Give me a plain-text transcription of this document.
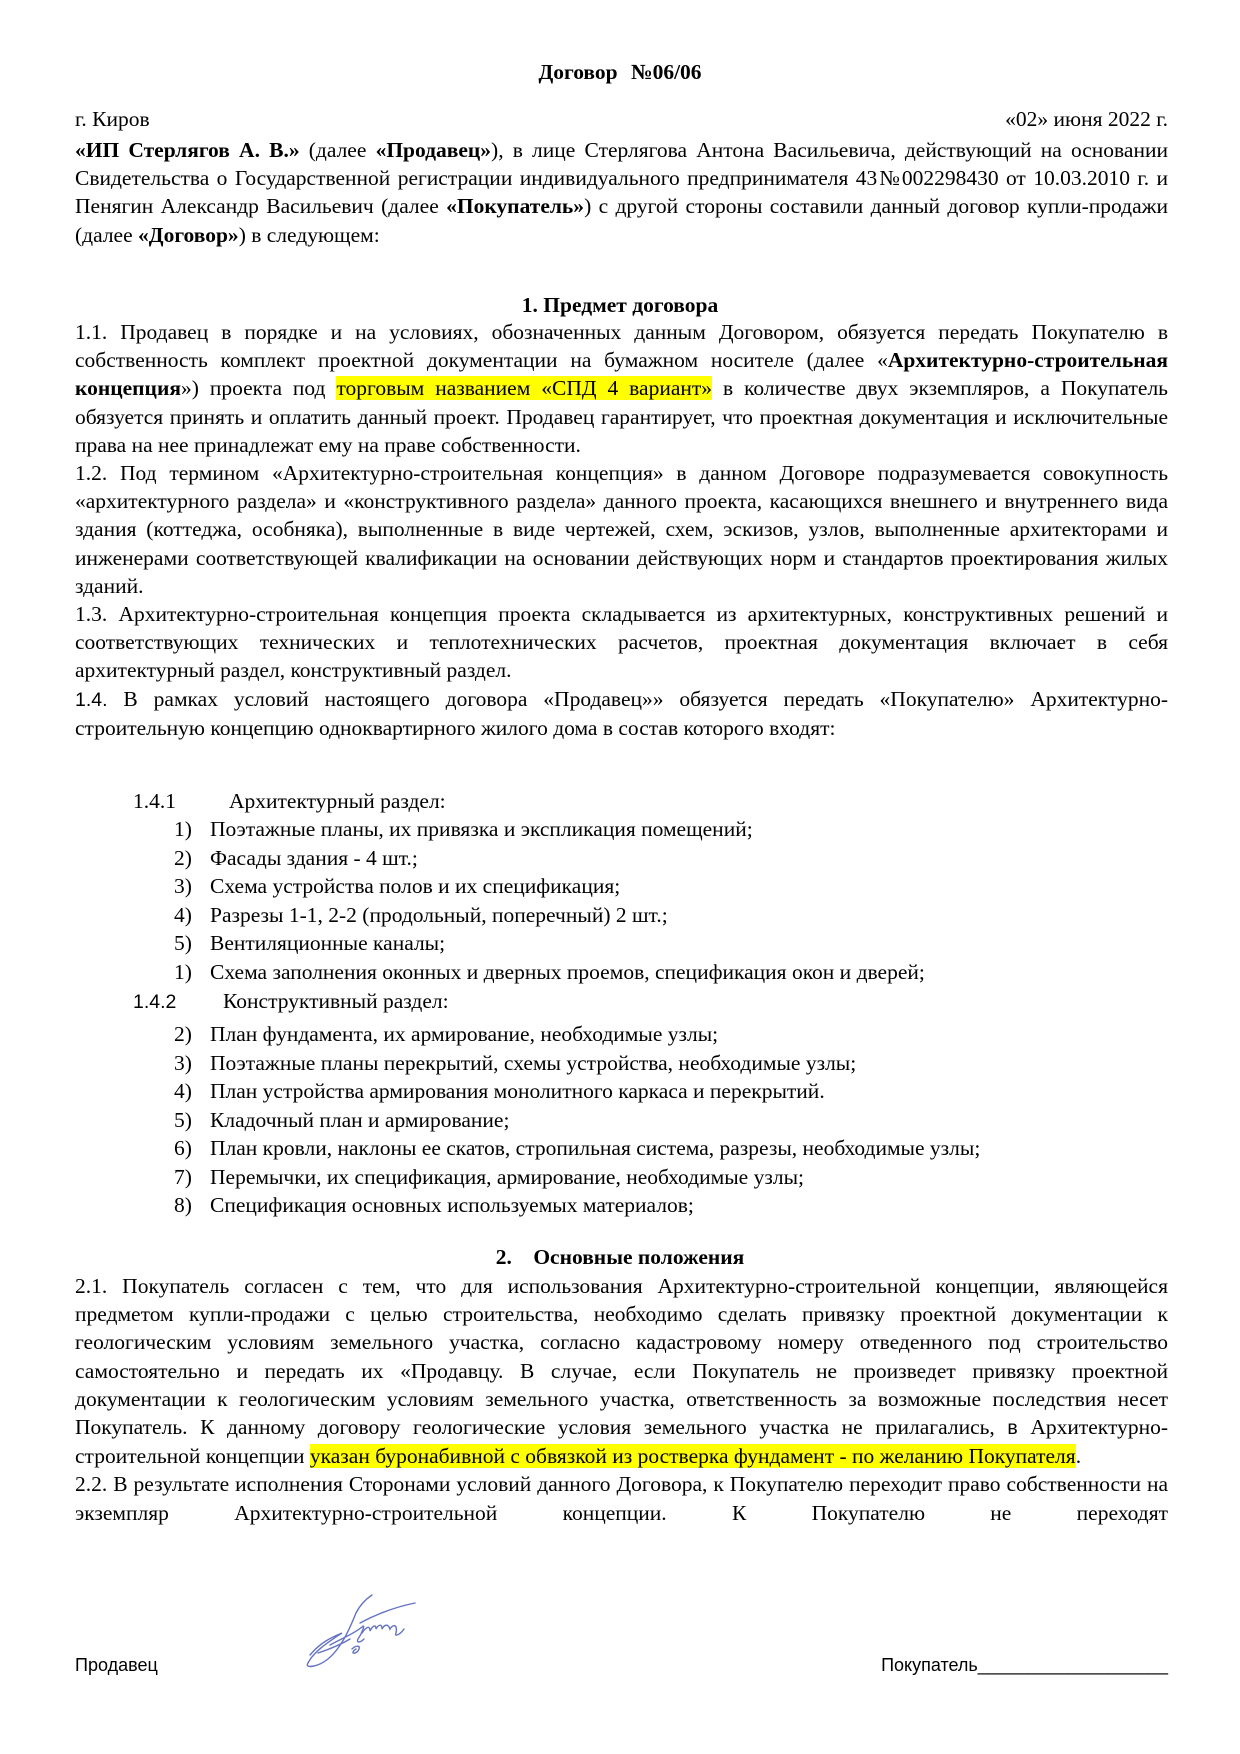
Договор №06/06
г. Киров	«02» июня 2022 г.

«ИП Стерлягов А. В.» (далее «Продавец»), в лице Стерлягова Антона Васильевича, действующий на основании Свидетельства о Государственной регистрации индивидуального предпринимателя 43№002298430 от 10.03.2010 г. и Пенягин Александр Васильевич (далее «Покупатель») с другой стороны составили данный договор купли-продажи (далее «Договор») в следующем:

1. Предмет договора

1.1. Продавец в порядке и на условиях, обозначенных данным Договором, обязуется передать Покупателю в собственность комплект проектной документации на бумажном носителе (далее «Архитектурно-строительная концепция») проекта под торговым названием «СПД 4 вариант» в количестве двух экземпляров, а Покупатель обязуется принять и оплатить данный проект. Продавец гарантирует, что проектная документация и исключительные права на нее принадлежат ему на праве собственности.

1.2. Под термином «Архитектурно-строительная концепция» в данном Договоре подразумевается совокупность «архитектурного раздела» и «конструктивного раздела» данного проекта, касающихся внешнего и внутреннего вида здания (коттеджа, особняка), выполненные в виде чертежей, схем, эскизов, узлов, выполненные архитекторами и инженерами соответствующей квалификации на основании действующих норм и стандартов проектирования жилых зданий.

1.3. Архитектурно-строительная концепция проекта складывается из архитектурных, конструктивных решений и соответствующих технических и теплотехнических расчетов, проектная документация включает в себя архитектурный раздел, конструктивный раздел.

1.4. В рамках условий настоящего договора «Продавец»» обязуется передать «Покупателю» Архитектурно-строительную концепцию одноквартирного жилого дома в состав которого входят:

1.4.1 Архитектурный раздел:
1) Поэтажные планы, их привязка и экспликация помещений;
2) Фасады здания - 4 шт.;
3) Схема устройства полов и их спецификация;
4) Разрезы 1-1, 2-2 (продольный, поперечный) 2 шт.;
5) Вентиляционные каналы;
1) Схема заполнения оконных и дверных проемов, спецификация окон и дверей;
1.4.2 Конструктивный раздел:
2) План фундамента, их армирование, необходимые узлы;
3) Поэтажные планы перекрытий, схемы устройства, необходимые узлы;
4) План устройства армирования монолитного каркаса и перекрытий.
5) Кладочный план и армирование;
6) План кровли, наклоны ее скатов, стропильная система, разрезы, необходимые узлы;
7) Перемычки, их спецификация, армирование, необходимые узлы;
8) Спецификация основных используемых материалов;
2.    Основные положения

2.1. Покупатель согласен с тем, что для использования Архитектурно-строительной концепции, являющейся предметом купли-продажи с целью строительства, необходимо сделать привязку проектной документации к геологическим условиям земельного участка, согласно кадастровому номеру отведенного под строительство самостоятельно и передать их «Продавцу. В случае, если Покупатель не произведет привязку проектной документации к геологическим условиям земельного участка, ответственность за возможные последствия несет Покупатель. К данному договору геологические условия земельного участка не прилагались, в Архитектурно-строительной концепции указан буронабивной с обвязкой из ростверка фундамент - по желанию Покупателя.

2.2. В результате исполнения Сторонами условий данного Договора, к Покупателю переходит право собственности на экземпляр Архитектурно-строительной концепции. К Покупателю не переходят

Продавец	Покупатель___________________
